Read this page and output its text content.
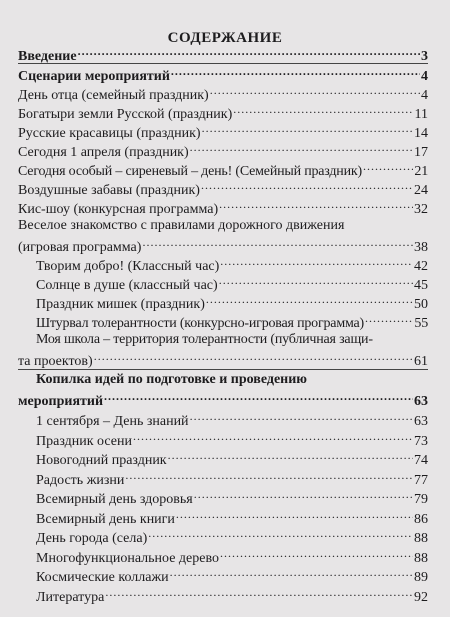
СОДЕРЖАНИЕ
Введение .....	3
Сценарии мероприятий .....	4
День отца (семейный праздник) .....	4
Богатыри земли Русской (праздник) .....	11
Русские красавицы (праздник) .....	14
Сегодня 1 апреля (праздник) .....	17
Сегодня особый – сиреневый – день! (Семейный праздник) .....	21
Воздушные забавы (праздник) .....	24
Кис-шоу (конкурсная программа) .....	32
Веселое знакомство с правилами дорожного движения
(игровая программа) .....	38
Творим добро! (Классный час) .....	42
Солнце в душе (классный час) .....	45
Праздник мишек (праздник) .....	50
Штурвал толерантности (конкурсно-игровая программа) .....	55
Моя школа – территория толерантности (публичная защи-
та проектов) .....	61
Копилка идей по подготовке и проведению
мероприятий .....	63
1 сентября – День знаний .....	63
Праздник осени .....	73
Новогодний праздник .....	74
Радость жизни .....	77
Всемирный день здоровья .....	79
Всемирный день книги .....	86
День города (села) .....	88
Многофункциональное дерево .....	88
Космические коллажи .....	89
Литература .....	92
